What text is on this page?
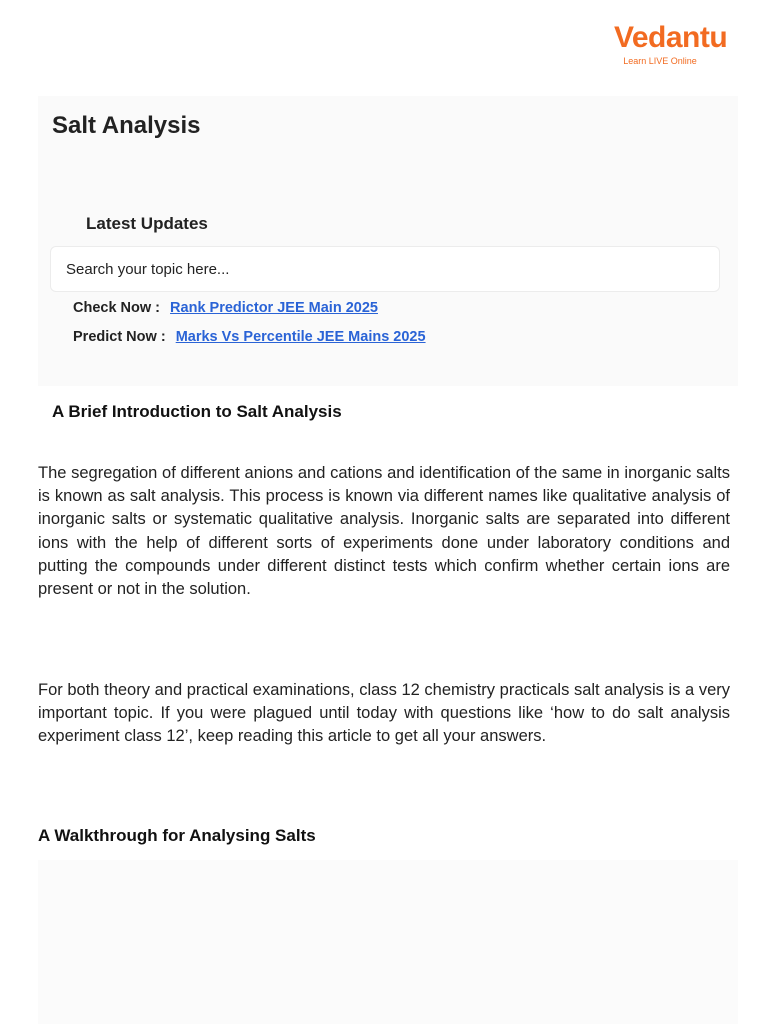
Vedantu
Learn LIVE Online
Salt Analysis
Latest Updates
Search your topic here...
Check Now : Rank Predictor JEE Main 2025
Predict Now : Marks Vs Percentile JEE Mains 2025
A Brief Introduction to Salt Analysis

The segregation of different anions and cations and identification of the same in inorganic salts is known as salt analysis. This process is known via different names like qualitative analysis of inorganic salts or systematic qualitative analysis. Inorganic salts are separated into different ions with the help of different sorts of experiments done under laboratory conditions and putting the compounds under different distinct tests which confirm whether certain ions are present or not in the solution.

For both theory and practical examinations, class 12 chemistry practicals salt analysis is a very important topic. If you were plagued until today with questions like ‘how to do salt analysis experiment class 12’, keep reading this article to get all your answers.

A Walkthrough for Analysing Salts
